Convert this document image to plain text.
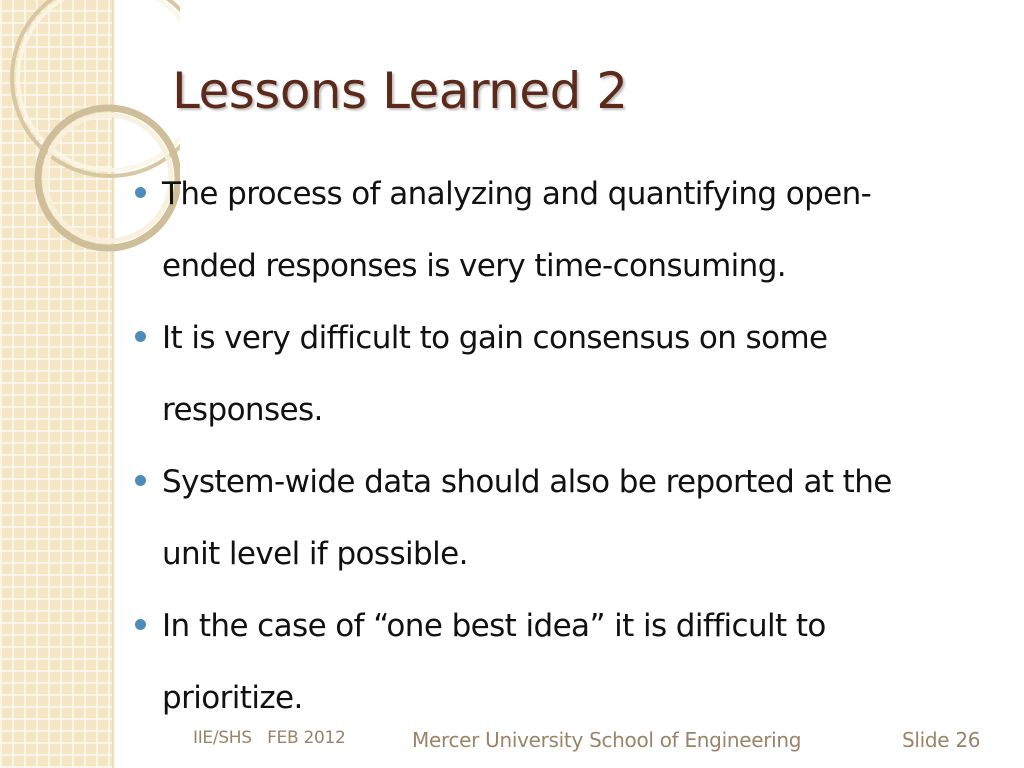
Lessons Learned 2
The process of analyzing and quantifying open-ended responses is very time-consuming.
It is very difficult to gain consensus on some responses.
System-wide data should also be reported at the unit level if possible.
In the case of “one best idea” it is difficult to prioritize.
IIE/SHS   FEB 2012	Mercer University School of Engineering	Slide 26
